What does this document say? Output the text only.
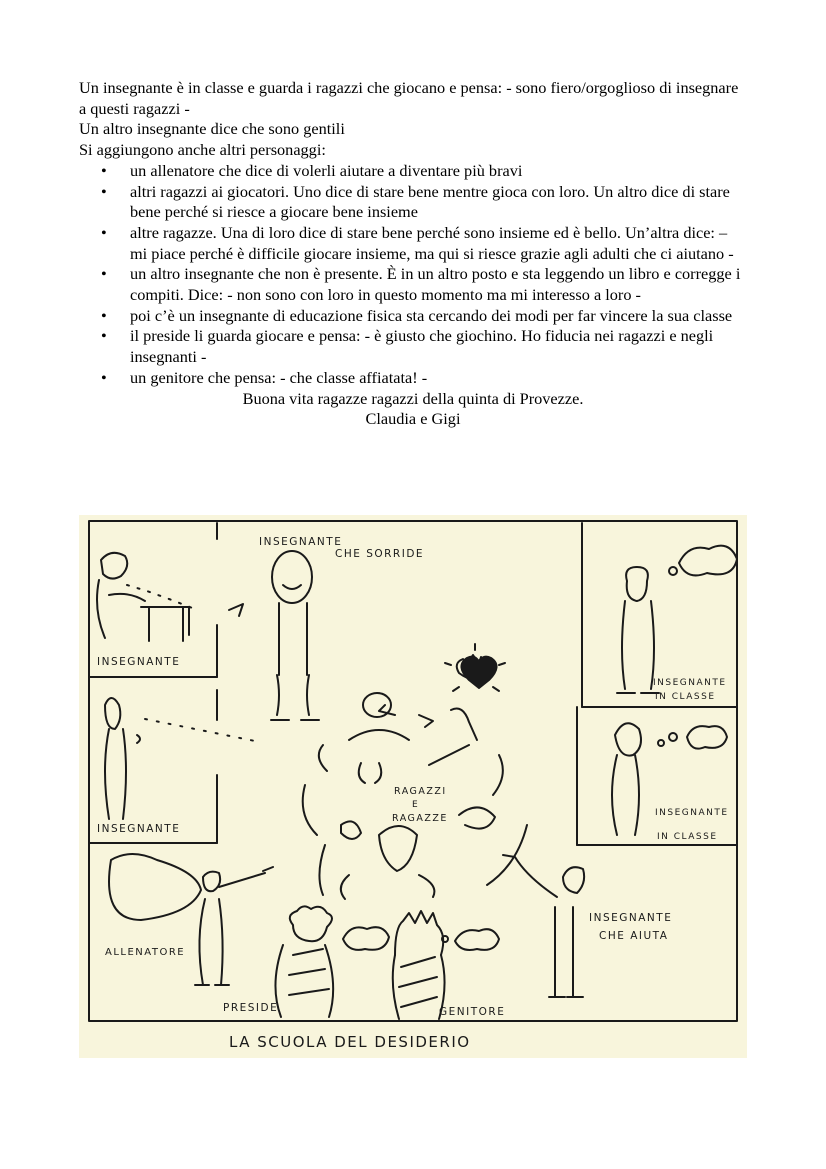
Un insegnante è in classe e guarda i ragazzi che giocano e pensa: - sono fiero/orgoglioso di insegnare a questi ragazzi -

Un altro insegnante dice che sono gentili

Si aggiungono anche altri personaggi:

• un allenatore che dice di volerli aiutare a diventare più bravi
• altri ragazzi ai giocatori. Uno dice di stare bene mentre gioca con loro. Un altro dice di stare bene perché si riesce a giocare bene insieme
• altre ragazze. Una di loro dice di stare bene perché sono insieme ed è bello. Un’altra dice: – mi piace perché è difficile giocare insieme, ma qui si riesce grazie agli adulti che ci aiutano -
• un altro insegnante che non è presente. È in un altro posto e sta leggendo un libro e corregge i compiti. Dice: - non sono con loro in questo momento ma mi interesso a loro -
• poi c’è un insegnante di educazione fisica sta cercando dei modi per far vincere la sua classe
• il preside li guarda giocare e pensa: - è giusto che giochino. Ho fiducia nei ragazzi e negli insegnanti -
• un genitore che pensa: - che classe affiatata! -

Buona vita ragazze ragazzi della quinta di Provezze.

Claudia e Gigi

INSEGNANTE
INSEGNANTE
CHE SORRIDE
INSEGNANTE
INSEGNANTE
IN CLASSE
INSEGNANTE
IN CLASSE
RAGAZZI
E
RAGAZZE
ALLENATORE
INSEGNANTE
CHE AIUTA
PRESIDE	GENITORE
LA SCUOLA DEL DESIDERIO
